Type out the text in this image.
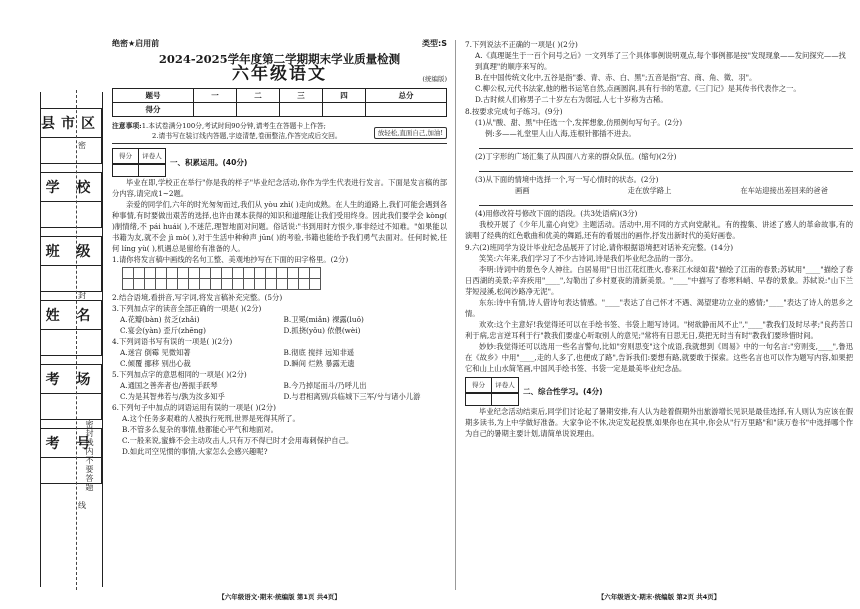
县市区
学 校
班 级
姓 名
考 场
考 号
密
封
线
密封线内不要答题
绝密★启用前	类型:S
2024-2025学年度第二学期期末学业质量检测
六年级语文	(统编版)
题号	一	二	三	四	总分
得分					
注意事项:1.本试卷满分100分,考试时间90分钟,请考生在答题卡上作答;
2.请书写在装订线内答题,字迹清楚,卷面整洁,作答完成后交回。	放轻松,直面自己,加油!
得分	评卷人
一、积累运用。(40分)

毕业在即,学校正在举行"你是我的样子"毕业纪念活动,你作为学生代表进行发言。下面是发言稿的部分内容,请完成1~2题。

亲爱的同学们,六年的时光匆匆而过,我们从 yòu zhì( )走向成熟。在人生的道路上,我们可能会遇到各种事情,有时要做出艰苦的选择,也许由课本获得的知识和道理能让我们受用终身。因此我们要学会 kòng( )制情绪,不 pái huái( ),不迷茫,理智地面对问题。俗话说:"书到用时方恨少,事非经过不知难。"如果能以书籍为友,就不会 jì mò( ),对于生活中种种声 jūn( )的考验,书籍也能给予我们勇气去面对。任何时候,任何 líng yù( ),机遇总是留给有准备的人。

1.请你将发言稿中画线的名句工整、美观地抄写在下面的田字格里。(2分)
2.结合语境,看拼音,写字词,将发言稿补充完整。(5分)
3.下列加点字的读音全部正确的一项是( )(2分)
A.花瓣(bàn) 贫乏(zhǎi)	B.卫冕(miǎn) 裸露(luǒ)
C.宴会(yàn) 歪斤(zhēng)	D.抓挠(yǒu) 依偎(wèi)
4.下列词语书写有误的一项是( )(2分)
A.迷宫 倒霉 见微知著	B.彻底 搅拌 远知非遥
C.倾覆 挪移 别出心裁	D.瞬间 烂熟 暴露无遗
5.下列加点字的意思相同的一项是( )(2分)
A.通国之善奔者也/善振手跃琴	B.今乃掉尾而斗/乃呼儿出
C.为是其智弗若与/孰为汝多知乎	D.与君相离别/兵临城下三军/兮与诸小儿游
6.下列句子中加点的词语运用有误的一项是( )(2分)
A.这个任务多艰难的人被执行死刑,世界是死得其所了。
B.不管多么复杂的事情,他都能心平气和地面对。
C.一般来说,蜜蜂不会主动攻击人,只有万不得已时才会用毒刺保护自己。
D.如此司空见惯的事情,大家怎么会感兴趣呢?
【六年级语文·期末·统编版 第1页 共4页】
7.下列说法不正确的一项是( )(2分)
A.《真理诞生于一百个问号之后》一文列举了三个具体事例说明观点,每个事例都是按"发现现象——发问探究——找到真理"的顺序来写的。
B.在中国传统文化中,五谷是指"黍、青、赤、白、黑";五音是指"宫、商、角、徵、羽"。
C.柳公权,元代书法家,他的楷书运笔自然,点画圆润,具有行书的笔意,《三门记》是其传书代表作之一。
D.古时候人们称男子二十岁左右为弱冠,人七十岁称为古稀。
8.按要求完成句子练习。(9分)
(1)从"酸、甜、黑"中任选一个,发挥想象,仿照例句写句子。(2分)
例:多——礼堂里人山人海,连根针都插不进去。
(2)丁字形的广场汇集了从四面八方来的群众队伍。(缩句)(2分)
(3)从下面的情境中选择一个,写一写心情时的状态。(2分)
画画	走在放学路上	在车站迎接出差回来的爸爸
(4)用修改符号修改下面的语段。(共3处语病)(3分)

我校开展了《少年儿童心向党》主题活动。活动中,用不同的方式向党献礼。有的搜集、讲述了感人的革命故事,有的演唱了经典的红色歌曲和优美的舞蹈,还有的看展出的画作,抒发出新时代的美好画卷。

9.六(2)班同学为设计毕业纪念品展开了讨论,请你根据语境把对话补充完整。(14分)

笑笑:六年来,我们学习了不少古诗词,诗是我们毕业纪念品的一部分。

李明:诗词中的景色令人神往。白居易用"日出江花红胜火,春来江水绿如蓝"描绘了江南的春景;苏轼用"____"描绘了春日西湖的美景;辛弃疾用"____",勾勒出了乡村夏夜的清新美景。"____"中描写了春寒料峭、早春的景象。苏轼说:"山下兰芽短浸溪,松间沙路净无泥"。

东东:诗中有情,诗人借诗句表达情感。"____"表达了自己怀才不遇、渴望建功立业的感情;"____"表达了诗人的思乡之情。

欢欢:这个主意好!我觉得还可以在手绘书签、书袋上题写诗词。"树欲静而风不止","____"教我们及时尽孝;"良药苦口利于病,忠言逆耳利于行"教我们要虚心听取别人的意见;"常将有日思无日,莫把无时当有时"教我们要珍惜时间。

妙妙:我觉得还可以选用一些名言警句,比如"穷则思变"这个成语,我就想到《周易》中的一句名言:"穷则变,____",鲁迅在《故乡》中用"____,走的人多了,也便成了路",告诉我们:要想有路,就要敢于探索。这些名言也可以作为题写内容,如果把它和山上山水简笔画,中国风手绘书签、书袋一定是最美毕业纪念品。

得分	评卷人
二、综合性学习。(4分)

毕业纪念活动结束后,同学们讨论起了暑期安排,有人认为趁着假期外出旅游增长见识是最佳选择,有人则认为应该在假期多读书,为上中学做好准备。大家争论不休,决定发起投票,如果你也在其中,你会从"行万里路"和"读万卷书"中选择哪个作为自己的暑期主要计划,请简单说说理由。

【六年级语文·期末·统编版 第2页 共4页】
